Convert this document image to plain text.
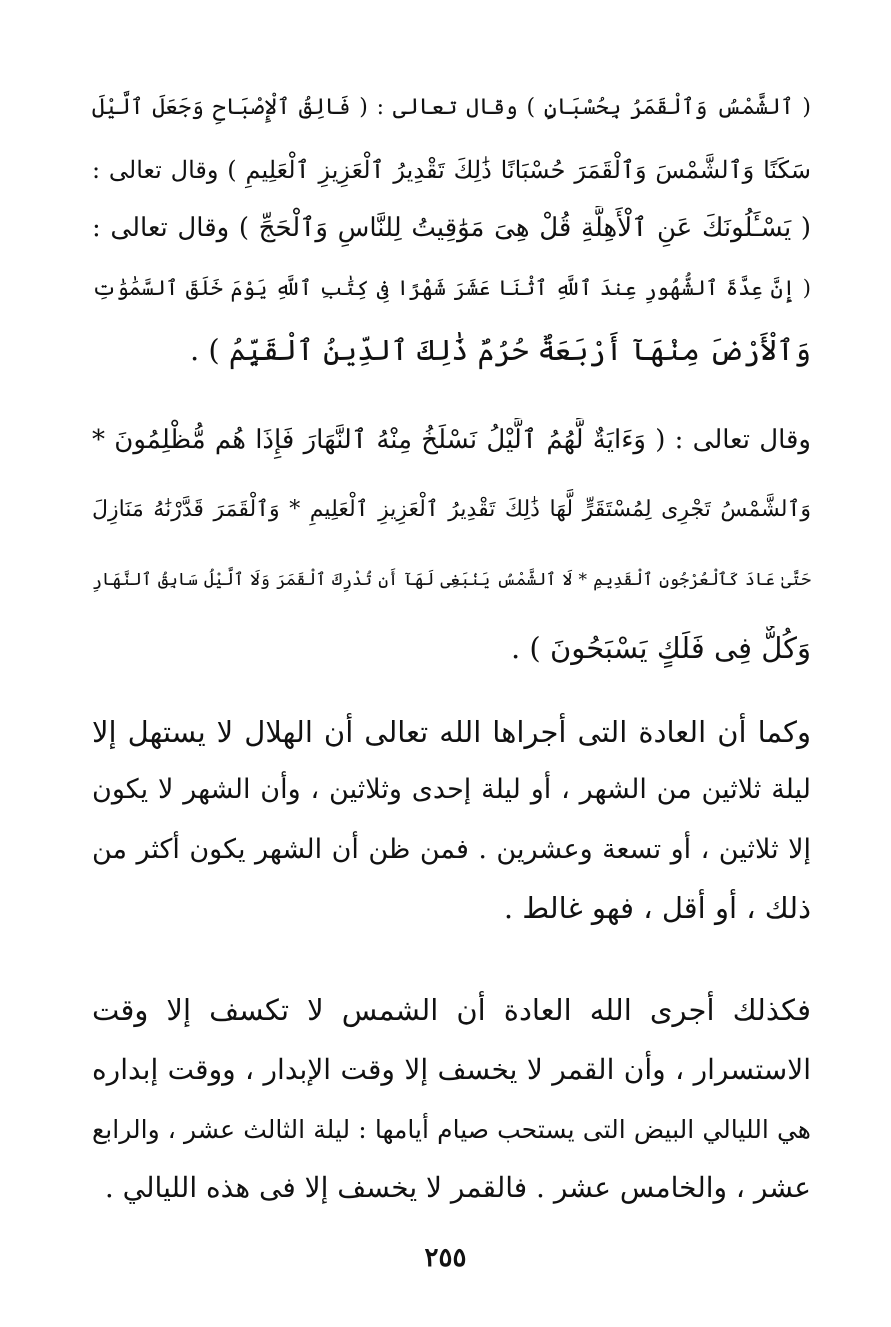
( ٱلشَّمْسُ وَٱلْقَمَرُ بِحُسْبَانٍ ) وقال تعالى : ( فَالِقُ ٱلْإِصْبَاحِ وَجَعَلَ ٱلَّيْلَ
سَكَنًا وَٱلشَّمْسَ وَٱلْقَمَرَ حُسْبَانًا ذَٰلِكَ تَقْدِيرُ ٱلْعَزِيزِ ٱلْعَلِيمِ ) وقال تعالى :
( يَسْـَٔلُونَكَ عَنِ ٱلْأَهِلَّةِ قُلْ هِىَ مَوَٰقِيتُ لِلنَّاسِ وَٱلْحَجِّ ) وقال تعالى :
( إِنَّ عِدَّةَ ٱلشُّهُورِ عِندَ ٱللَّهِ ٱثْنَا عَشَرَ شَهْرًا فِى كِتَٰبِ ٱللَّهِ يَوْمَ خَلَقَ ٱلسَّمَٰوَٰتِ
وَٱلْأَرْضَ مِنْهَآ أَرْبَعَةٌ حُرُمٌ ذَٰلِكَ ٱلدِّينُ ٱلْقَيِّمُ ) .
وقال تعالى : ( وَءَايَةٌ لَّهُمُ ٱلَّيْلُ نَسْلَخُ مِنْهُ ٱلنَّهَارَ فَإِذَا هُم مُّظْلِمُونَ *
وَٱلشَّمْسُ تَجْرِى لِمُسْتَقَرٍّ لَّهَا ذَٰلِكَ تَقْدِيرُ ٱلْعَزِيزِ ٱلْعَلِيمِ * وَٱلْقَمَرَ قَدَّرْنَٰهُ مَنَازِلَ
حَتَّىٰ عَادَ كَٱلْعُرْجُونِ ٱلْقَدِيمِ * لَا ٱلشَّمْسُ يَنۢبَغِى لَهَآ أَن تُدْرِكَ ٱلْقَمَرَ وَلَا ٱلَّيْلُ سَابِقُ ٱلنَّهَارِ
وَكُلٌّ فِى فَلَكٍ يَسْبَحُونَ ) .
وكما أن العادة التى أجراها الله تعالى أن الهلال لا يستهل إلا
ليلة ثلاثين من الشهر ، أو ليلة إحدى وثلاثين ، وأن الشهر لا يكون
إلا ثلاثين ، أو تسعة وعشرين . فمن ظن أن الشهر يكون أكثر من
ذلك ، أو أقل ، فهو غالط .
فكذلك أجرى الله العادة أن الشمس لا تكسف إلا وقت
الاستسرار ، وأن القمر لا يخسف إلا وقت الإبدار ، ووقت إبداره
هي الليالي البيض التى يستحب صيام أيامها : ليلة الثالث عشر ، والرابع
عشر ، والخامس عشر . فالقمر لا يخسف إلا فى هذه الليالي .
٢٥٥
